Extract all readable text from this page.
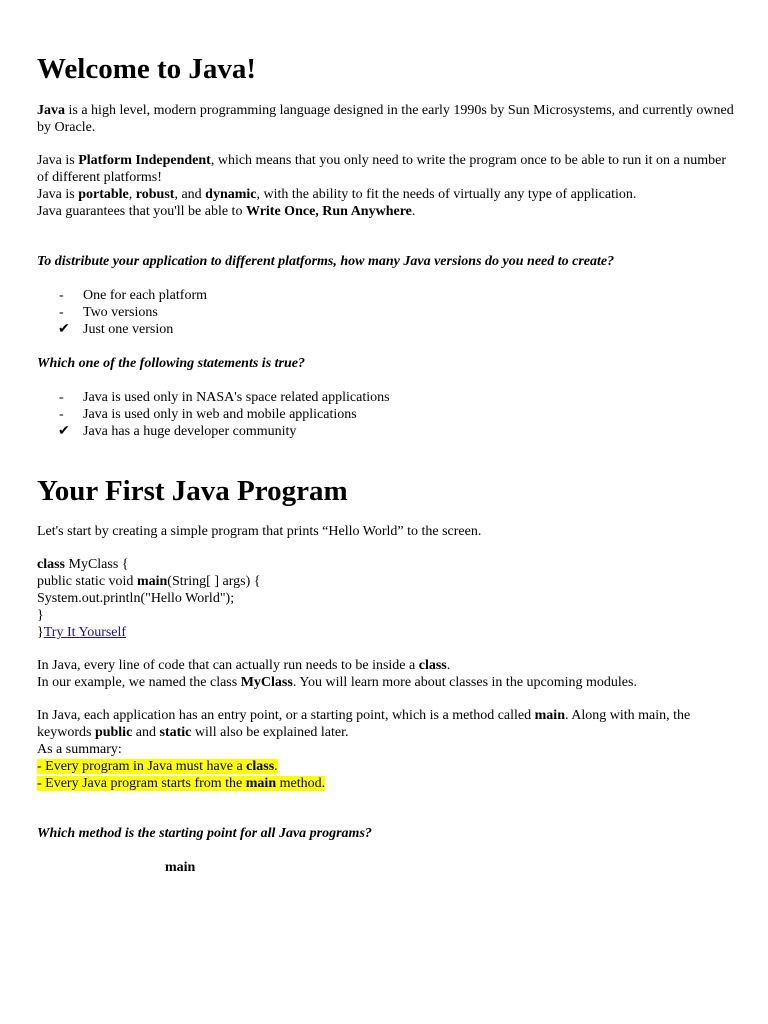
Welcome to Java!

Java is a high level, modern programming language designed in the early 1990s by Sun Microsystems, and currently owned by Oracle.

Java is Platform Independent, which means that you only need to write the program once to be able to run it on a number of different platforms!

Java is portable, robust, and dynamic, with the ability to fit the needs of virtually any type of application.

Java guarantees that you'll be able to Write Once, Run Anywhere.

To distribute your application to different platforms, how many Java versions do you need to create?

-	One for each platform
-	Two versions
✔ Just one version

Which one of the following statements is true?

-	Java is used only in NASA's space related applications
-	Java is used only in web and mobile applications
✔ Java has a huge developer community
Your First Java Program

Let's start by creating a simple program that prints “Hello World” to the screen.

class MyClass {

public static void main(String[ ] args) {

System.out.println("Hello World");

}

}Try It Yourself

In Java, every line of code that can actually run needs to be inside a class.

In our example, we named the class MyClass. You will learn more about classes in the upcoming modules.

In Java, each application has an entry point, or a starting point, which is a method called main. Along with main, the keywords public and static will also be explained later.

As a summary:

- Every program in Java must have a class.

- Every Java program starts from the main method.

Which method is the starting point for all Java programs?

main
